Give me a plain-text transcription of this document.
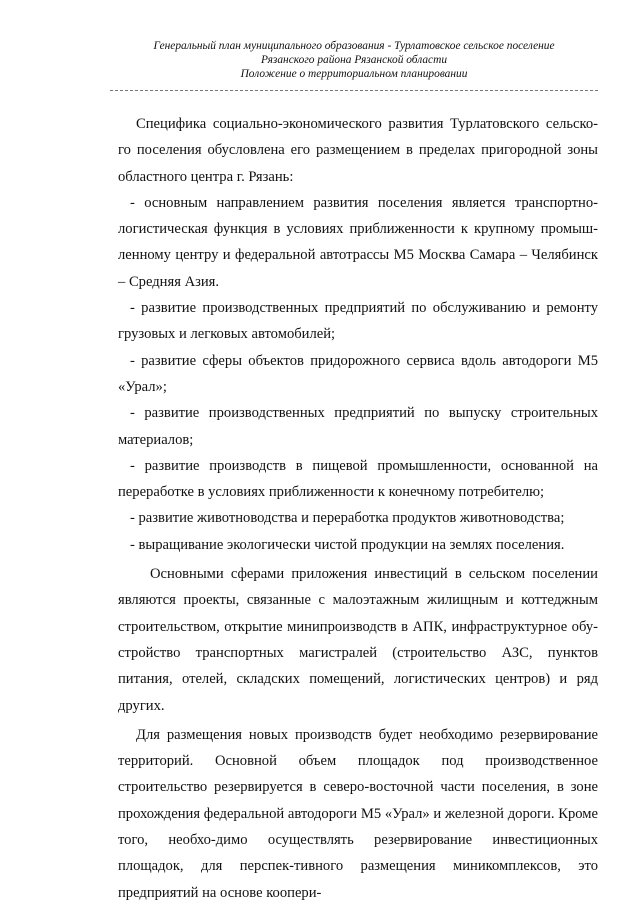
Генеральный план муниципального образования - Турлатовское сельское поселение
Рязанского района Рязанской области
Положение о территориальном планировании

Специфика социально-экономического развития Турлатовского сельско-го поселения обусловлена его размещением в пределах пригородной зоны областного центра г. Рязань:

- основным направлением развития поселения является транспортно-логистическая функция в условиях приближенности к крупному промыш-ленному центру и федеральной автотрассы М5 Москва Самара – Челябинск – Средняя Азия.

- развитие производственных предприятий по обслуживанию и ремонту грузовых и легковых автомобилей;

- развитие сферы объектов придорожного сервиса вдоль автодороги М5 «Урал»;

- развитие производственных предприятий по выпуску строительных материалов;

- развитие производств в пищевой промышленности, основанной на переработке в условиях приближенности к конечному потребителю;

- развитие животноводства и переработка продуктов животноводства;

- выращивание экологически чистой продукции на землях поселения.

Основными сферами приложения инвестиций в сельском поселении являются проекты, связанные с малоэтажным жилищным и коттеджным строительством, открытие минипроизводств в АПК, инфраструктурное обу-стройство транспортных магистралей (строительство АЗС, пунктов питания, отелей, складских помещений, логистических центров) и ряд других.

Для размещения новых производств будет необходимо резервирование территорий. Основной объем площадок под производственное строительство резервируется в северо-восточной части поселения, в зоне прохождения федеральной автодороги М5 «Урал» и железной дороги. Кроме того, необхо-димо осуществлять резервирование инвестиционных площадок, для перспек-тивного размещения миникомплексов, это предприятий на основе коопери-
